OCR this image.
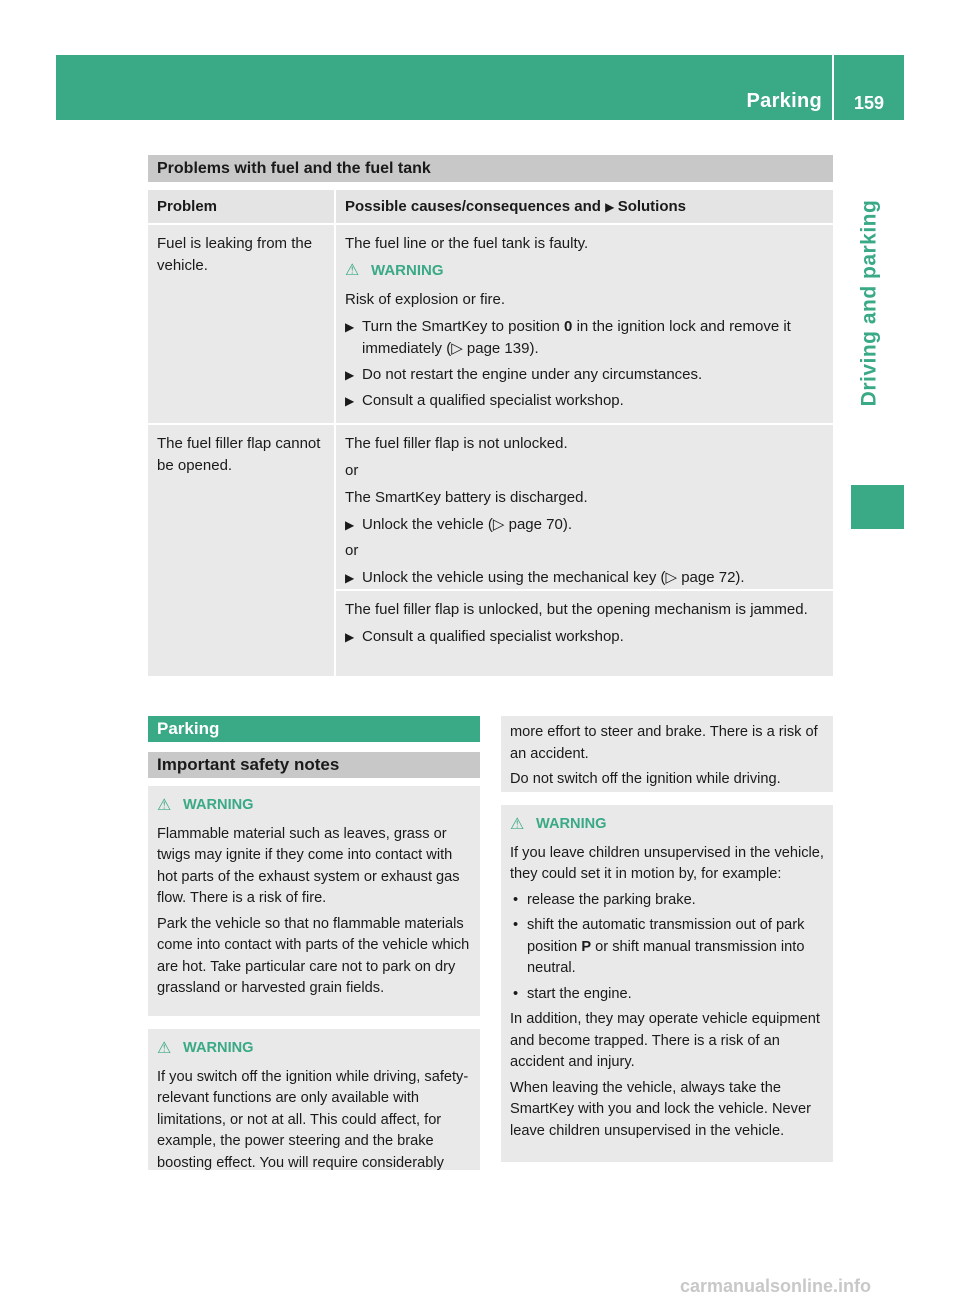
Parking	159
Driving and parking
Problems with fuel and the fuel tank
Problem	Possible causes/consequences and ▶ Solutions
Fuel is leaking from the vehicle.

The fuel line or the fuel tank is faulty.

⚠ WARNING

Risk of explosion or fire.

▶ Turn the SmartKey to position 0 in the ignition lock and remove it immediately (▷ page 139).
▶ Do not restart the engine under any circumstances.
▶ Consult a qualified specialist workshop.
The fuel filler flap cannot be opened.

The fuel filler flap is not unlocked.

or

The SmartKey battery is discharged.

▶ Unlock the vehicle (▷ page 70).

or

▶ Unlock the vehicle using the mechanical key (▷ page 72).

The fuel filler flap is unlocked, but the opening mechanism is jammed.

▶ Consult a qualified specialist workshop.
Parking
Important safety notes
⚠ WARNING

Flammable material such as leaves, grass or twigs may ignite if they come into contact with hot parts of the exhaust system or exhaust gas flow. There is a risk of fire.

Park the vehicle so that no flammable materials come into contact with parts of the vehicle which are hot. Take particular care not to park on dry grassland or harvested grain fields.

⚠ WARNING

If you switch off the ignition while driving, safety-relevant functions are only available with limitations, or not at all. This could affect, for example, the power steering and the brake boosting effect. You will require considerably

more effort to steer and brake. There is a risk of an accident.

Do not switch off the ignition while driving.

⚠ WARNING

If you leave children unsupervised in the vehicle, they could set it in motion by, for example:

• release the parking brake.
• shift the automatic transmission out of park position P or shift manual transmission into neutral.
• start the engine.

In addition, they may operate vehicle equipment and become trapped. There is a risk of an accident and injury.

When leaving the vehicle, always take the SmartKey with you and lock the vehicle. Never leave children unsupervised in the vehicle.

carmanualsonline.info
